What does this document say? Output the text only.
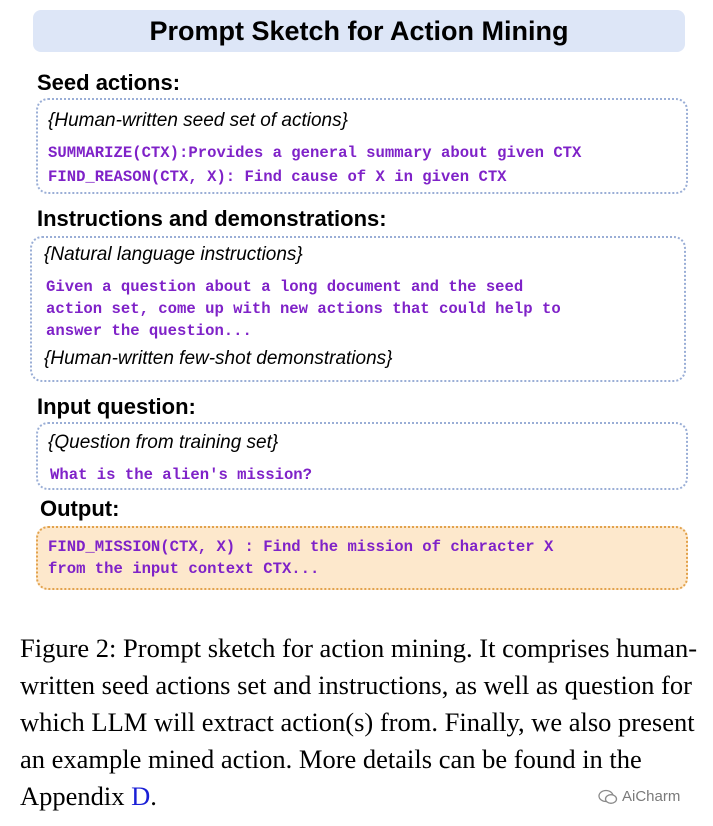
Prompt Sketch for Action Mining
Seed actions:
{Human-written seed set of actions}
SUMMARIZE(CTX):Provides a general summary about given CTX
FIND_REASON(CTX, X): Find cause of X in given CTX
Instructions and demonstrations:
{Natural language instructions}
Given a question about a long document and the seed
action set, come up with new actions that could help to
answer the question...
{Human-written few-shot demonstrations}
Input question:
{Question from training set}
What is the alien's mission?
Output:
FIND_MISSION(CTX, X) : Find the mission of character X
from the input context CTX...
Figure 2: Prompt sketch for action mining. It comprises human-written seed actions set and instructions, as well as question for which LLM will extract action(s) from. Finally, we also present an example mined action. More details can be found in the Appendix D.	AiCharm
